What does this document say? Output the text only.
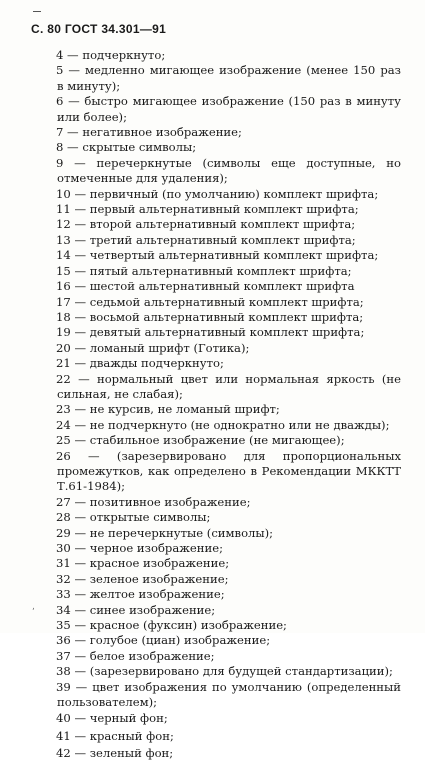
С. 80 ГОСТ 34.301—91

4 — подчеркнуто;

5 — медленно мигающее изображение (менее 150 раз в минуту);

6 — быстро мигающее изображение (150 раз в минуту или более);

7 — негативное изображение;

8 — скрытые символы;

9 — перечеркнутые (символы еще доступные, но отмеченные для удаления);

10 — первичный (по умолчанию) комплект шрифта;

11 — первый альтернативный комплект шрифта;

12 — второй альтернативный комплект шрифта;

13 — третий альтернативный комплект шрифта;

14 — четвертый альтернативный комплект шрифта;

15 — пятый альтернативный комплект шрифта;

16 — шестой альтернативный комплект шрифта

17 — седьмой альтернативный комплект шрифта;

18 — восьмой альтернативный комплект шрифта;

19 — девятый альтернативный комплект шрифта;

20 — ломаный шрифт (Готика);

21 — дважды подчеркнуто;

22 — нормальный цвет или нормальная яркость (не сильная, не слабая);

23 — не курсив, не ломаный шрифт;

24 — не подчеркнуто (не однократно или не дважды);

25 — стабильное изображение (не мигающее);

26 — (зарезервировано для пропорциональных промежутков, как определено в Рекомендации МККТТ Т.61-1984);

27 — позитивное изображение;

28 — открытые символы;

29 — не перечеркнутые (символы);

30 — черное изображение;

31 — красное изображение;

32 — зеленое изображение;

33 — желтое изображение;

34 — синее изображение;

35 — красное (фуксин) изображение;

36 — голубое (циан) изображение;

37 — белое изображение;

38 — (зарезервировано для будущей стандартизации);

39 — цвет изображения по умолчанию (определенный пользователем);

40 — черный фон;

41 — красный фон;

42 — зеленый фон;

,
